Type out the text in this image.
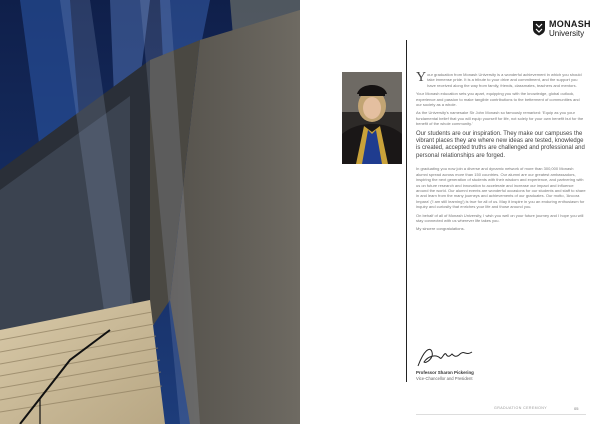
MONASH
University

Your graduation from Monash University is a wonderful achievement in which you should take immense pride. It is a tribute to your drive and commitment, and the support you have received along the way from family, friends, classmates, teachers and mentors.

Your Monash education sets you apart, equipping you with the knowledge, global outlook, experience and passion to make tangible contributions to the betterment of communities and our society as a whole.

As the University's namesake Sir John Monash so famously remarked: 'Equip as you your fundamental belief that you will equip yourself for life, not solely for your own benefit but for the benefit of the whole community.'

Our students are our inspiration. They make our campuses the vibrant places they are where new ideas are tested, knowledge is created, accepted truths are challenged and professional and personal relationships are forged.

In graduating you now join a diverse and dynamic network of more than 300,000 Monash alumni spread across more than 150 countries. Our alumni are our greatest ambassadors, inspiring the next generation of students with their wisdom and experience, and partnering with us on future research and innovation to accelerate and increase our impact and influence around the world. Our alumni events are wonderful occasions for our students and staff to share in and learn from the many journeys and achievements of our graduates. Our motto, 'Ancora Impara' ('I am still learning') is true for all of us. May it inspire in you an enduring enthusiasm for inquiry and curiosity that enriches your life and those around you.

On behalf of all of Monash University, I wish you well on your future journey and I hope you will stay connected with us wherever life takes you.

My sincere congratulations.

Professor Sharon Pickering
Vice-Chancellor and President
GRADUATION CEREMONY	05
